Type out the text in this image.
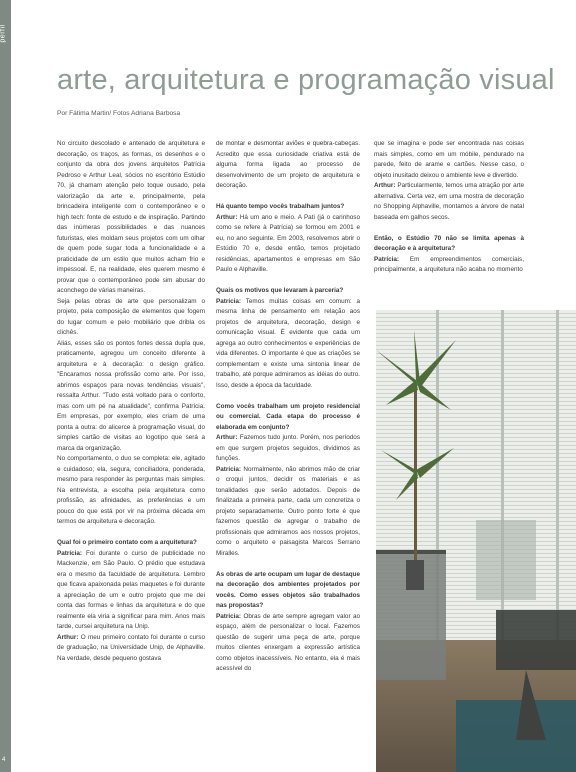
perfil
4
arte, arquitetura e programação visual
Por Fátima Martin/ Fotos Adriana Barbosa

No circuito descolado e antenado de arquitetura e decoração, os traços, as formas, os desenhos e o conjunto da obra dos jovens arquitetos Patrícia Pedroso e Arthur Leal, sócios no escritório Estúdio 70, já chamam atenção pelo toque ousado, pela valorização da arte e, principalmente, pela brincadeira inteligente com o contemporâneo e o high tech: fonte de estudo e de inspiração. Partindo das inúmeras possibilidades e das nuances futuristas, eles moldam seus projetos com um olhar de quem pode sugar toda a funcionalidade e a praticidade de um estilo que muitos acham frio e impessoal. E, na realidade, eles querem mesmo é provar que o contemporâneo pode sim abusar do aconchego de várias maneiras.

Seja pelas obras de arte que personalizam o projeto, pela composição de elementos que fogem do lugar comum e pelo mobiliário que dribla os clichês.

Aliás, esses são os pontos fortes dessa dupla que, praticamente, agregou um conceito diferente à arquitetura e à decoração: o design gráfico. "Encaramos nossa profissão como arte. Por isso, abrimos espaços para novas tendências visuais", ressalta Arthur. "Tudo está voltado para o conforto, mas com um pé na atualidade", confirma Patrícia. Em empresas, por exemplo, eles criam de uma ponta a outra: do alicerce à programação visual, do simples cartão de visitas ao logotipo que será a marca da organização.

No comportamento, o duo se completa: ele, agitado e cuidadoso; ela, segura, conciliadora, ponderada, mesmo para responder às perguntas mais simples. Na entrevista, a escolha pela arquitetura como profissão, as afinidades, as preferências e um pouco do que está por vir na próxima década em termos de arquitetura e decoração.

Qual foi o primeiro contato com a arquitetura?

Patrícia: Foi durante o curso de publicidade no Mackenzie, em São Paulo. O prédio que estudava era o mesmo da faculdade de arquitetura. Lembro que ficava apaixonada pelas maquetes e foi durante a apreciação de um e outro projeto que me dei conta das formas e linhas da arquitetura e do que realmente ela viria a significar para mim. Anos mais tarde, cursei arquitetura na Unip.

Arthur: O meu primeiro contato foi durante o curso de graduação, na Universidade Unip, de Alphaville. Na verdade, desde pequeno gostava

de montar e desmontar aviões e quebra-cabeças. Acredito que essa curiosidade criativa está de alguma forma ligada ao processo de desenvolvimento de um projeto de arquitetura e decoração.

Há quanto tempo vocês trabalham juntos?

Arthur: Há um ano e meio. A Pati (já o carinhoso como se refere à Patrícia) se formou em 2001 e eu, no ano seguinte. Em 2003, resolvemos abrir o Estúdio 70 e, desde então, temos projetado residências, apartamentos e empresas em São Paulo e Alphaville.

Quais os motivos que levaram à parceria?

Patrícia: Temos muitas coisas em comum: a mesma linha de pensamento em relação aos projetos de arquitetura, decoração, design e comunicação visual. É evidente que cada um agrega ao outro conhecimentos e experiências de vida diferentes. O importante é que as criações se complementam e existe uma sintonia linear de trabalho, até porque admiramos as idéias do outro. Isso, desde a época da faculdade.

Como vocês trabalham um projeto residencial ou comercial. Cada etapa do processo é elaborada em conjunto?

Arthur: Fazemos tudo junto. Porém, nos períodos em que surgem projetos seguidos, dividimos as funções.

Patrícia: Normalmente, não abrimos mão de criar o croqui juntos, decidir os materiais e as tonalidades que serão adotados. Depois de finalizada a primeira parte, cada um concretiza o projeto separadamente. Outro ponto forte é que fazemos questão de agregar o trabalho de profissionais que admiramos aos nossos projetos, como o arquiteto e paisagista Marcos Serrano Miralles.

As obras de arte ocupam um lugar de destaque na decoração dos ambientes projetados por vocês. Como esses objetos são trabalhados nas propostas?

Patrícia: Obras de arte sempre agregam valor ao espaço, além de personalizar o local. Fazemos questão de sugerir uma peça de arte, porque muitos clientes enxergam a expressão artística como objetos inacessíveis. No entanto, ela é mais acessível do

que se imagina e pode ser encontrada nas coisas mais simples, como em um móbile, pendurado na parede, feito de arame e cartões. Nesse caso, o objeto inusitado deixou o ambiente leve e divertido.

Arthur: Particularmente, temos uma atração por arte alternativa. Certa vez, em uma mostra de decoração no Shopping Alphaville, montamos a árvore de natal baseada em galhos secos.

Então, o Estúdio 70 não se limita apenas à decoração e à arquitetura?

Patrícia: Em empreendimentos comerciais, principalmente, a arquitetura não acaba no momento
